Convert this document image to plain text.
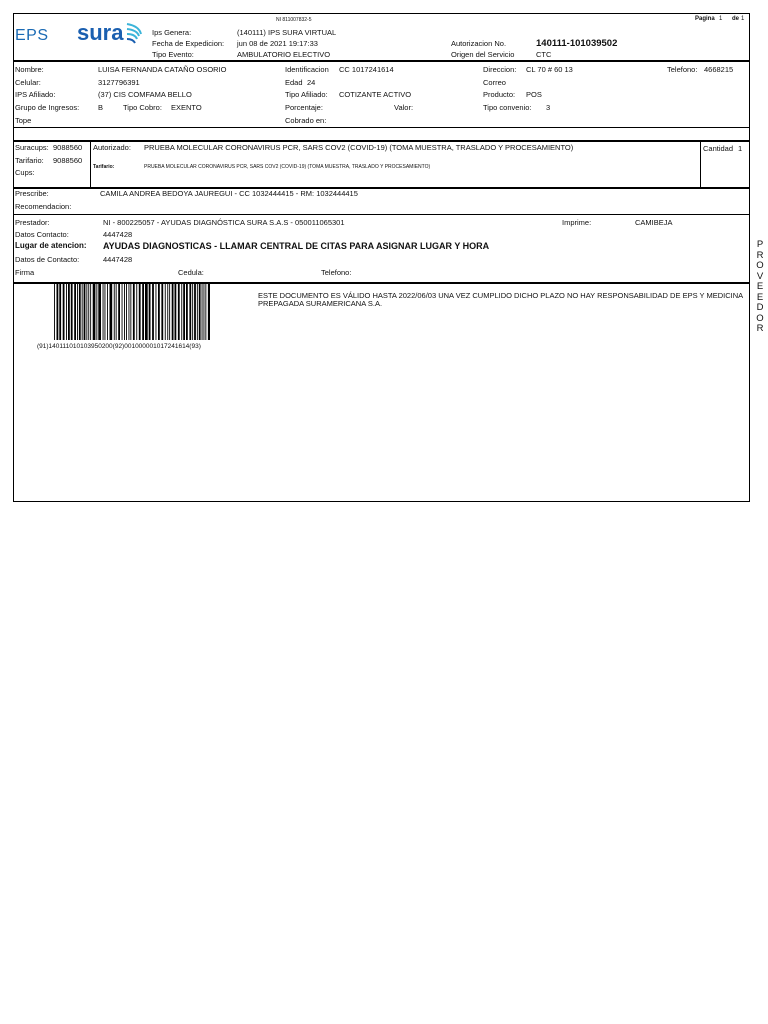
NI 811007832-5	Pagina 1 de 1
EPS sura	Ips Genera:	(140111) IPS SURA VIRTUAL
Fecha de Expedicion: jun 08 de 2021 19:17:33
Tipo Evento:	AMBULATORIO ELECTIVO
Autorizacion No.	140111-101039502
Origen del Servicio	CTC
Nombre:	LUISA FERNANDA CATAÑO OSORIO	Identificacion CC 1017241614	Direccion: CL 70 # 60 13	Telefono: 4668215
Celular:	3127796391	Edad 24	Correo
IPS Afiliado:	(37) CIS COMFAMA BELLO	Tipo Afiliado: COTIZANTE ACTIVO	Producto: POS
Grupo de Ingresos:	B	Tipo Cobro: EXENTO	Porcentaje:	Valor:	Tipo convenio: 3
Tope	Cobrado en:
Suracups: 9088560
Tarifario: 9088560
Cups:
Autorizado: PRUEBA MOLECULAR CORONAVIRUS PCR, SARS COV2 (COVID-19) (TOMA MUESTRA, TRASLADO Y PROCESAMIENTO)
Tarifario:	PRUEBA MOLECULAR CORONAVIRUS PCR, SARS COV2 (COVID-19) (TOMA MUESTRA, TRASLADO Y PROCESAMIENTO)
Cantidad 1
Prescribe:	CAMILA ANDREA BEDOYA JAUREGUI - CC 1032444415 - RM: 1032444415
Recomendacion:
Prestador:	NI - 800225057 - AYUDAS DIAGNÓSTICA SURA S.A.S - 050011065301	Imprime:	CAMIBEJA
Datos Contacto:	4447428
Lugar de atencion: AYUDAS DIAGNOSTICAS - LLAMAR CENTRAL DE CITAS PARA ASIGNAR LUGAR Y HORA
Datos de Contacto:	4447428
Firma	Cedula:	Telefono:
(91)140111010103950200(92)001000001017241614(93)
ESTE DOCUMENTO ES VÁLIDO HASTA 2022/06/03 UNA VEZ CUMPLIDO DICHO PLAZO NO HAY RESPONSABILIDAD DE EPS Y MEDICINA
PREPAGADA SURAMERICANA S.A.
P
R
O
V
E
E
D
O
R
